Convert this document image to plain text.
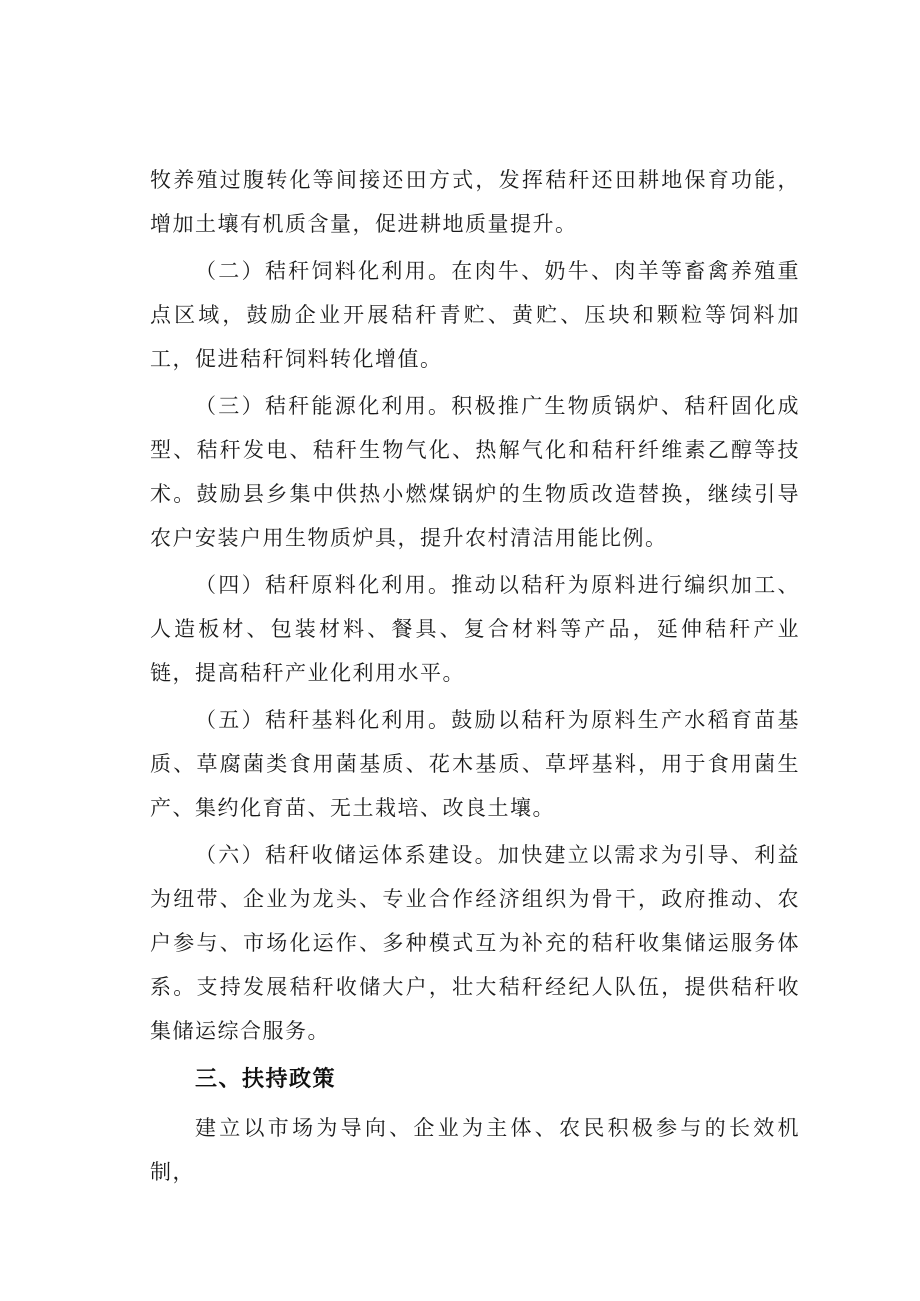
牧养殖过腹转化等间接还田方式，发挥秸秆还田耕地保育功能，增加土壤有机质含量，促进耕地质量提升。

（二）秸秆饲料化利用。在肉牛、奶牛、肉羊等畜禽养殖重点区域，鼓励企业开展秸秆青贮、黄贮、压块和颗粒等饲料加工，促进秸秆饲料转化增值。

（三）秸秆能源化利用。积极推广生物质锅炉、秸秆固化成型、秸秆发电、秸秆生物气化、热解气化和秸秆纤维素乙醇等技术。鼓励县乡集中供热小燃煤锅炉的生物质改造替换，继续引导农户安装户用生物质炉具，提升农村清洁用能比例。

（四）秸秆原料化利用。推动以秸秆为原料进行编织加工、人造板材、包装材料、餐具、复合材料等产品，延伸秸秆产业链，提高秸秆产业化利用水平。

（五）秸秆基料化利用。鼓励以秸秆为原料生产水稻育苗基质、草腐菌类食用菌基质、花木基质、草坪基料，用于食用菌生产、集约化育苗、无土栽培、改良土壤。

（六）秸秆收储运体系建设。加快建立以需求为引导、利益为纽带、企业为龙头、专业合作经济组织为骨干，政府推动、农户参与、市场化运作、多种模式互为补充的秸秆收集储运服务体系。支持发展秸秆收储大户，壮大秸秆经纪人队伍，提供秸秆收集储运综合服务。

三、扶持政策

建立以市场为导向、企业为主体、农民积极参与的长效机制，
